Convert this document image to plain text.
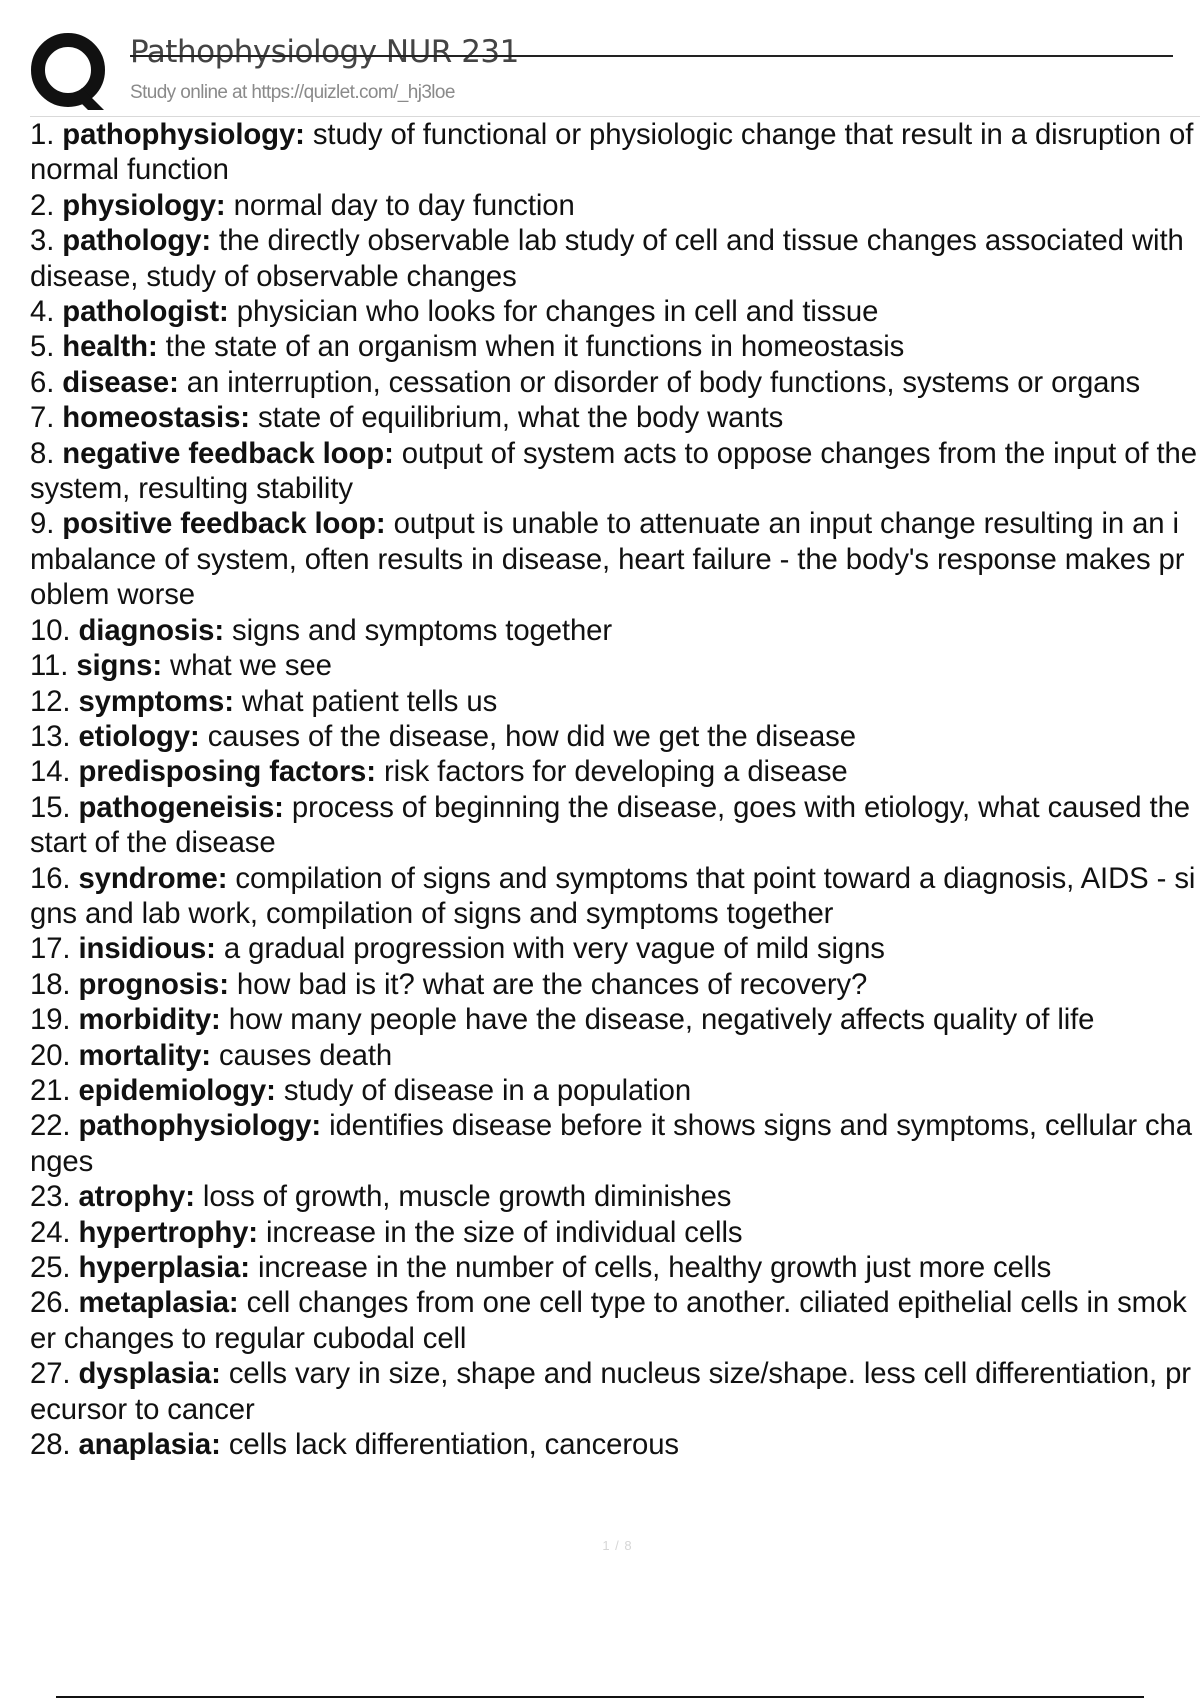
Pathophysiology NUR 231
Study online at https://quizlet.com/_hj3loe
1. pathophysiology: study of functional or physiologic change that result in a disruption of normal function
2. physiology: normal day to day function
3. pathology: the directly observable lab study of cell and tissue changes associated with disease, study of observable changes
4. pathologist: physician who looks for changes in cell and tissue
5. health: the state of an organism when it functions in homeostasis
6. disease: an interruption, cessation or disorder of body functions, systems or organs
7. homeostasis: state of equilibrium, what the body wants
8. negative feedback loop: output of system acts to oppose changes from the input of the system, resulting stability
9. positive feedback loop: output is unable to attenuate an input change resulting in an imbalance of system, often results in disease, heart failure - the body's response makes problem worse
10. diagnosis: signs and symptoms together
11. signs: what we see
12. symptoms: what patient tells us
13. etiology: causes of the disease, how did we get the disease
14. predisposing factors: risk factors for developing a disease
15. pathogeneisis: process of beginning the disease, goes with etiology, what caused the start of the disease
16. syndrome: compilation of signs and symptoms that point toward a diagnosis, AIDS - signs and lab work, compilation of signs and symptoms together
17. insidious: a gradual progression with very vague of mild signs
18. prognosis: how bad is it? what are the chances of recovery?
19. morbidity: how many people have the disease, negatively affects quality of life
20. mortality: causes death
21. epidemiology: study of disease in a population
22. pathophysiology: identifies disease before it shows signs and symptoms, cellular changes
23. atrophy: loss of growth, muscle growth diminishes
24. hypertrophy: increase in the size of individual cells
25. hyperplasia: increase in the number of cells, healthy growth just more cells
26. metaplasia: cell changes from one cell type to another. ciliated epithelial cells in smoker changes to regular cubodal cell
27. dysplasia: cells vary in size, shape and nucleus size/shape. less cell differentiation, precursor to cancer
28. anaplasia: cells lack differentiation, cancerous
1 / 8
